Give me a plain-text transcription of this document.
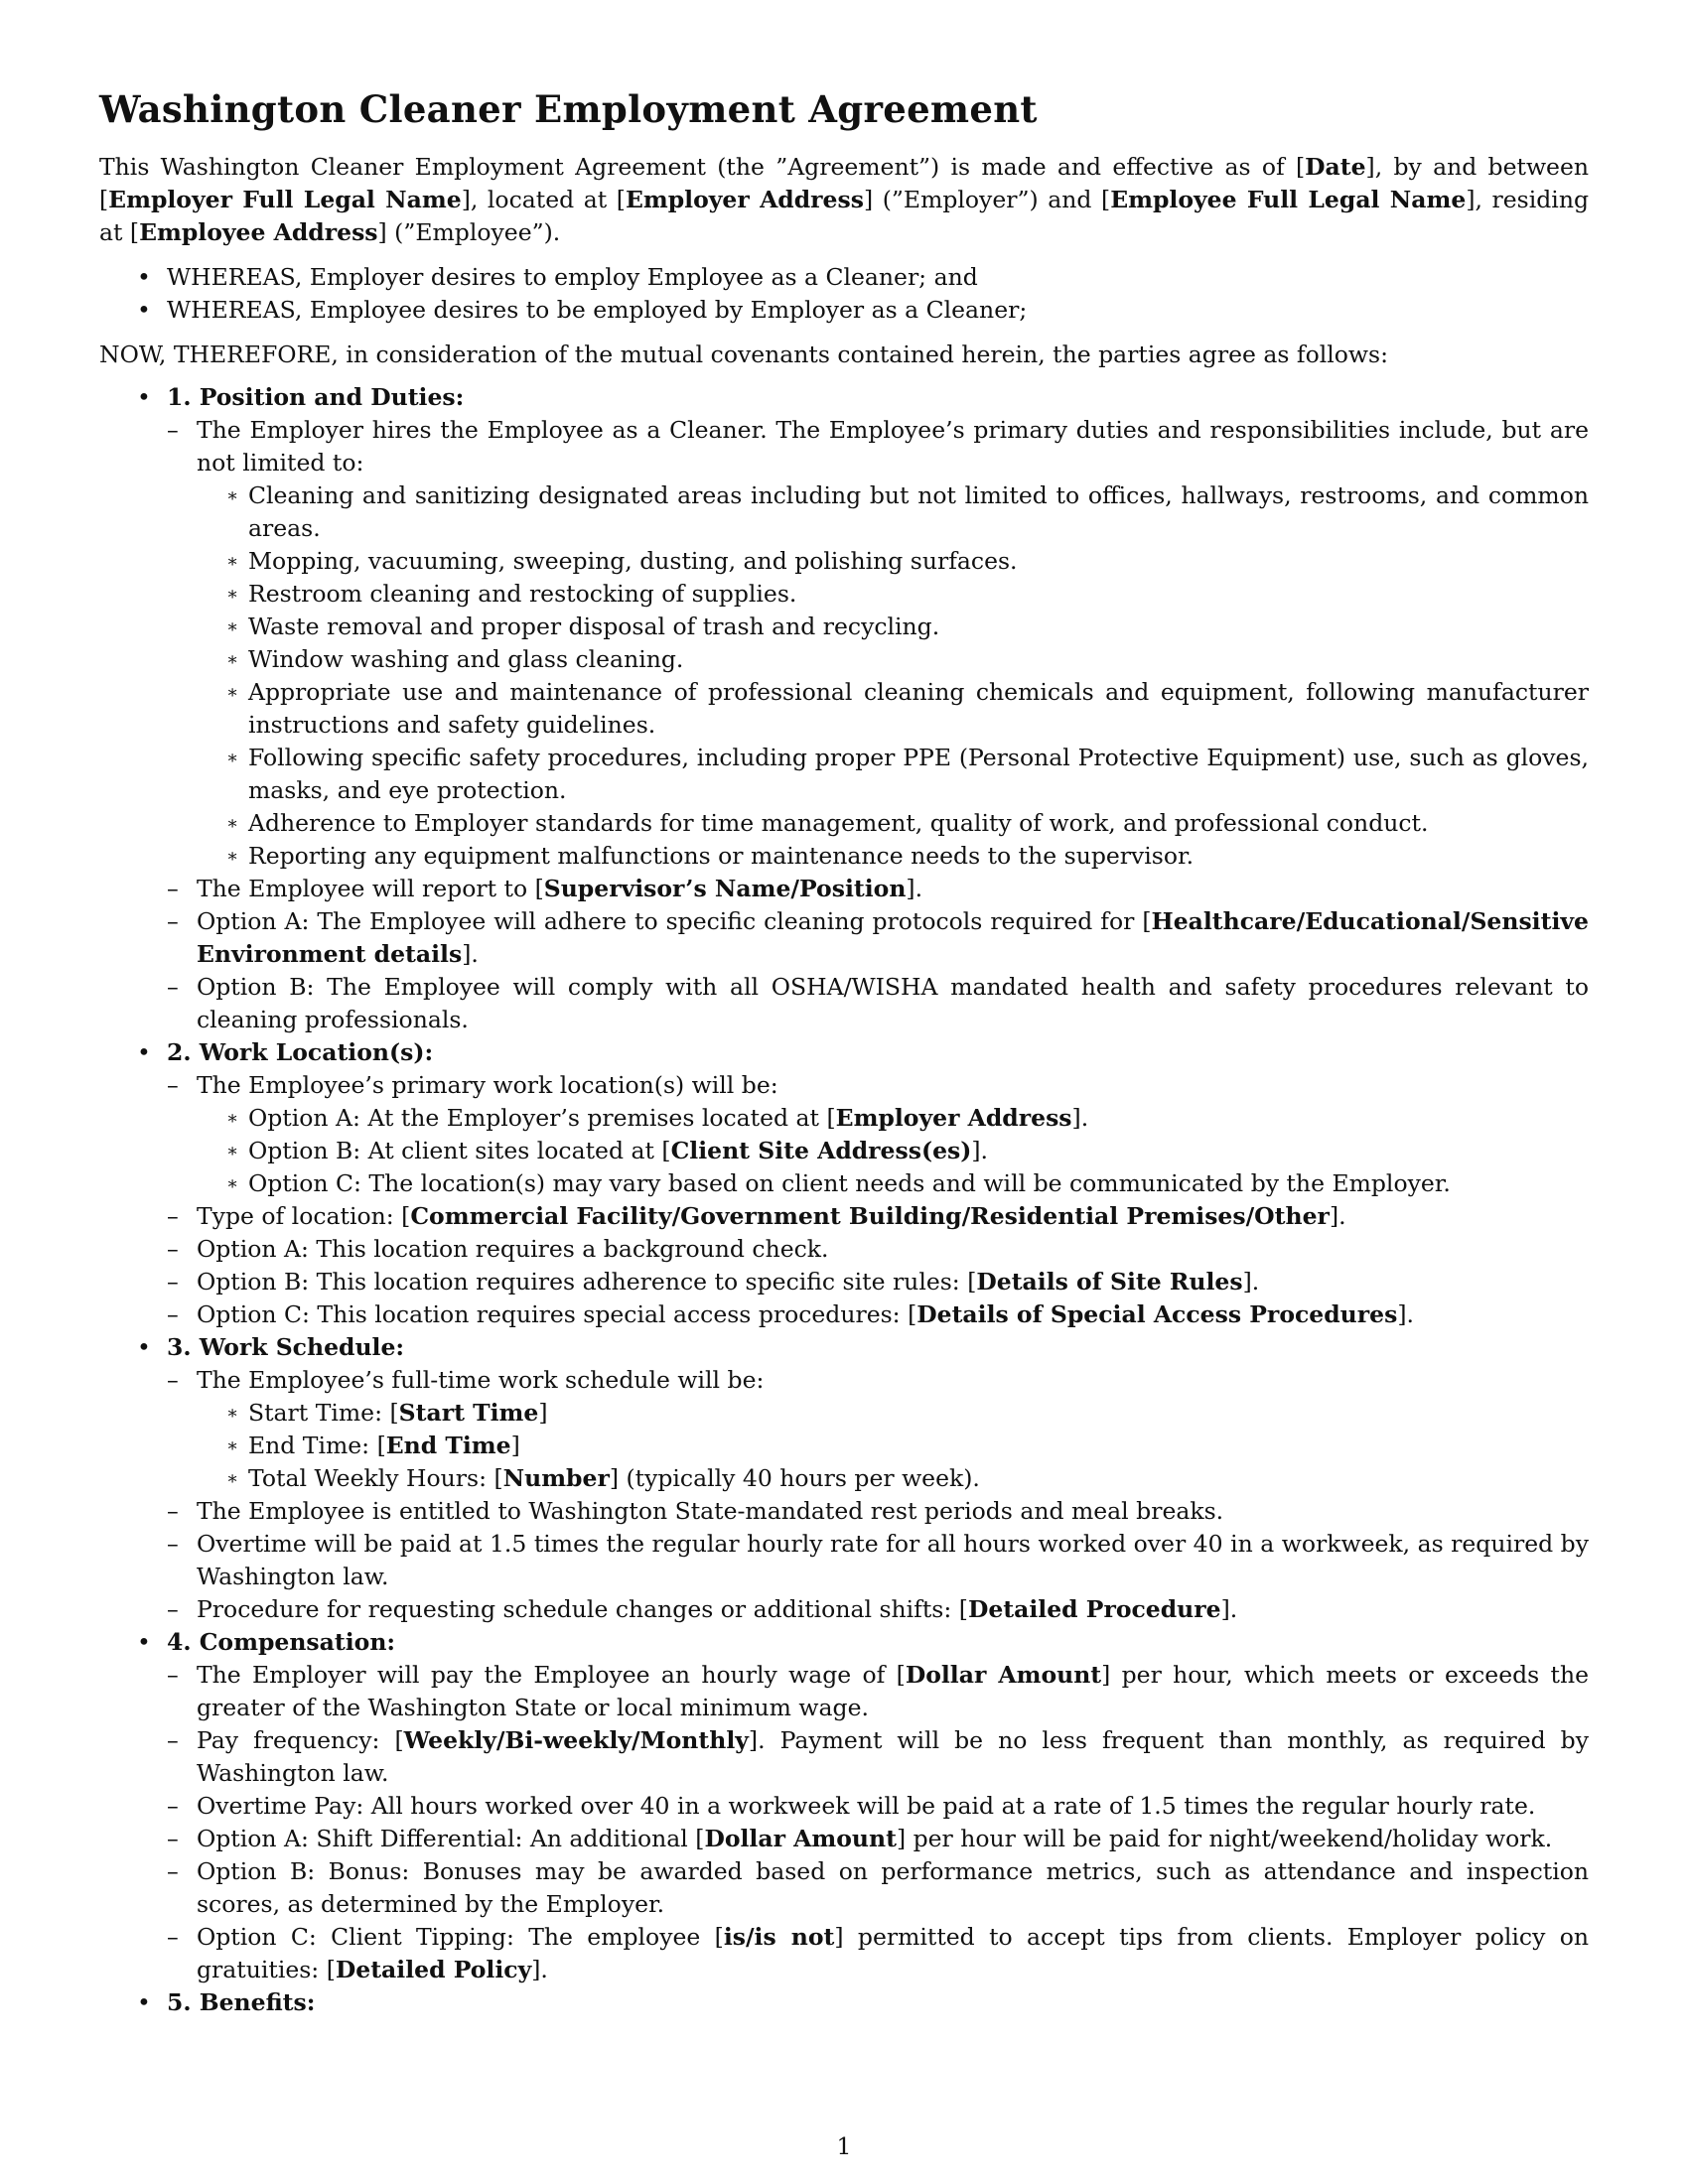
Washington Cleaner Employment Agreement

This Washington Cleaner Employment Agreement (the ”Agreement”) is made and effective as of [Date], by and between [Employer Full Legal Name], located at [Employer Address] (”Employer”) and [Employee Full Legal Name], residing at [Employee Address] (”Employee”).

• WHEREAS, Employer desires to employ Employee as a Cleaner; and
• WHEREAS, Employee desires to be employed by Employer as a Cleaner;

NOW, THEREFORE, in consideration of the mutual covenants contained herein, the parties agree as follows:

• 1. Position and Duties:
– The Employer hires the Employee as a Cleaner. The Employee’s primary duties and responsibilities include, but are not limited to:
∗ Cleaning and sanitizing designated areas including but not limited to offices, hallways, restrooms, and common areas.
∗ Mopping, vacuuming, sweeping, dusting, and polishing surfaces.
∗ Restroom cleaning and restocking of supplies.
∗ Waste removal and proper disposal of trash and recycling.
∗ Window washing and glass cleaning.
∗ Appropriate use and maintenance of professional cleaning chemicals and equipment, following manufacturer instructions and safety guidelines.
∗ Following specific safety procedures, including proper PPE (Personal Protective Equipment) use, such as gloves, masks, and eye protection.
∗ Adherence to Employer standards for time management, quality of work, and professional conduct.
∗ Reporting any equipment malfunctions or maintenance needs to the supervisor.
– The Employee will report to [Supervisor’s Name/Position].
– Option A: The Employee will adhere to specific cleaning protocols required for [Healthcare/Educational/Sensitive Environment details].
– Option B: The Employee will comply with all OSHA/WISHA mandated health and safety procedures relevant to cleaning professionals.
• 2. Work Location(s):
– The Employee’s primary work location(s) will be:
∗ Option A: At the Employer’s premises located at [Employer Address].
∗ Option B: At client sites located at [Client Site Address(es)].
∗ Option C: The location(s) may vary based on client needs and will be communicated by the Employer.
– Type of location: [Commercial Facility/Government Building/Residential Premises/Other].
– Option A: This location requires a background check.
– Option B: This location requires adherence to specific site rules: [Details of Site Rules].
– Option C: This location requires special access procedures: [Details of Special Access Procedures].
• 3. Work Schedule:
– The Employee’s full-time work schedule will be:
∗ Start Time: [Start Time]
∗ End Time: [End Time]
∗ Total Weekly Hours: [Number] (typically 40 hours per week).
– The Employee is entitled to Washington State-mandated rest periods and meal breaks.
– Overtime will be paid at 1.5 times the regular hourly rate for all hours worked over 40 in a workweek, as required by Washington law.
– Procedure for requesting schedule changes or additional shifts: [Detailed Procedure].
• 4. Compensation:
– The Employer will pay the Employee an hourly wage of [Dollar Amount] per hour, which meets or exceeds the greater of the Washington State or local minimum wage.
– Pay frequency: [Weekly/Bi-weekly/Monthly]. Payment will be no less frequent than monthly, as required by Washington law.
– Overtime Pay: All hours worked over 40 in a workweek will be paid at a rate of 1.5 times the regular hourly rate.
– Option A: Shift Differential: An additional [Dollar Amount] per hour will be paid for night/weekend/holiday work.
– Option B: Bonus: Bonuses may be awarded based on performance metrics, such as attendance and inspection scores, as determined by the Employer.
– Option C: Client Tipping: The employee [is/is not] permitted to accept tips from clients. Employer policy on gratuities: [Detailed Policy].
• 5. Benefits:
1
